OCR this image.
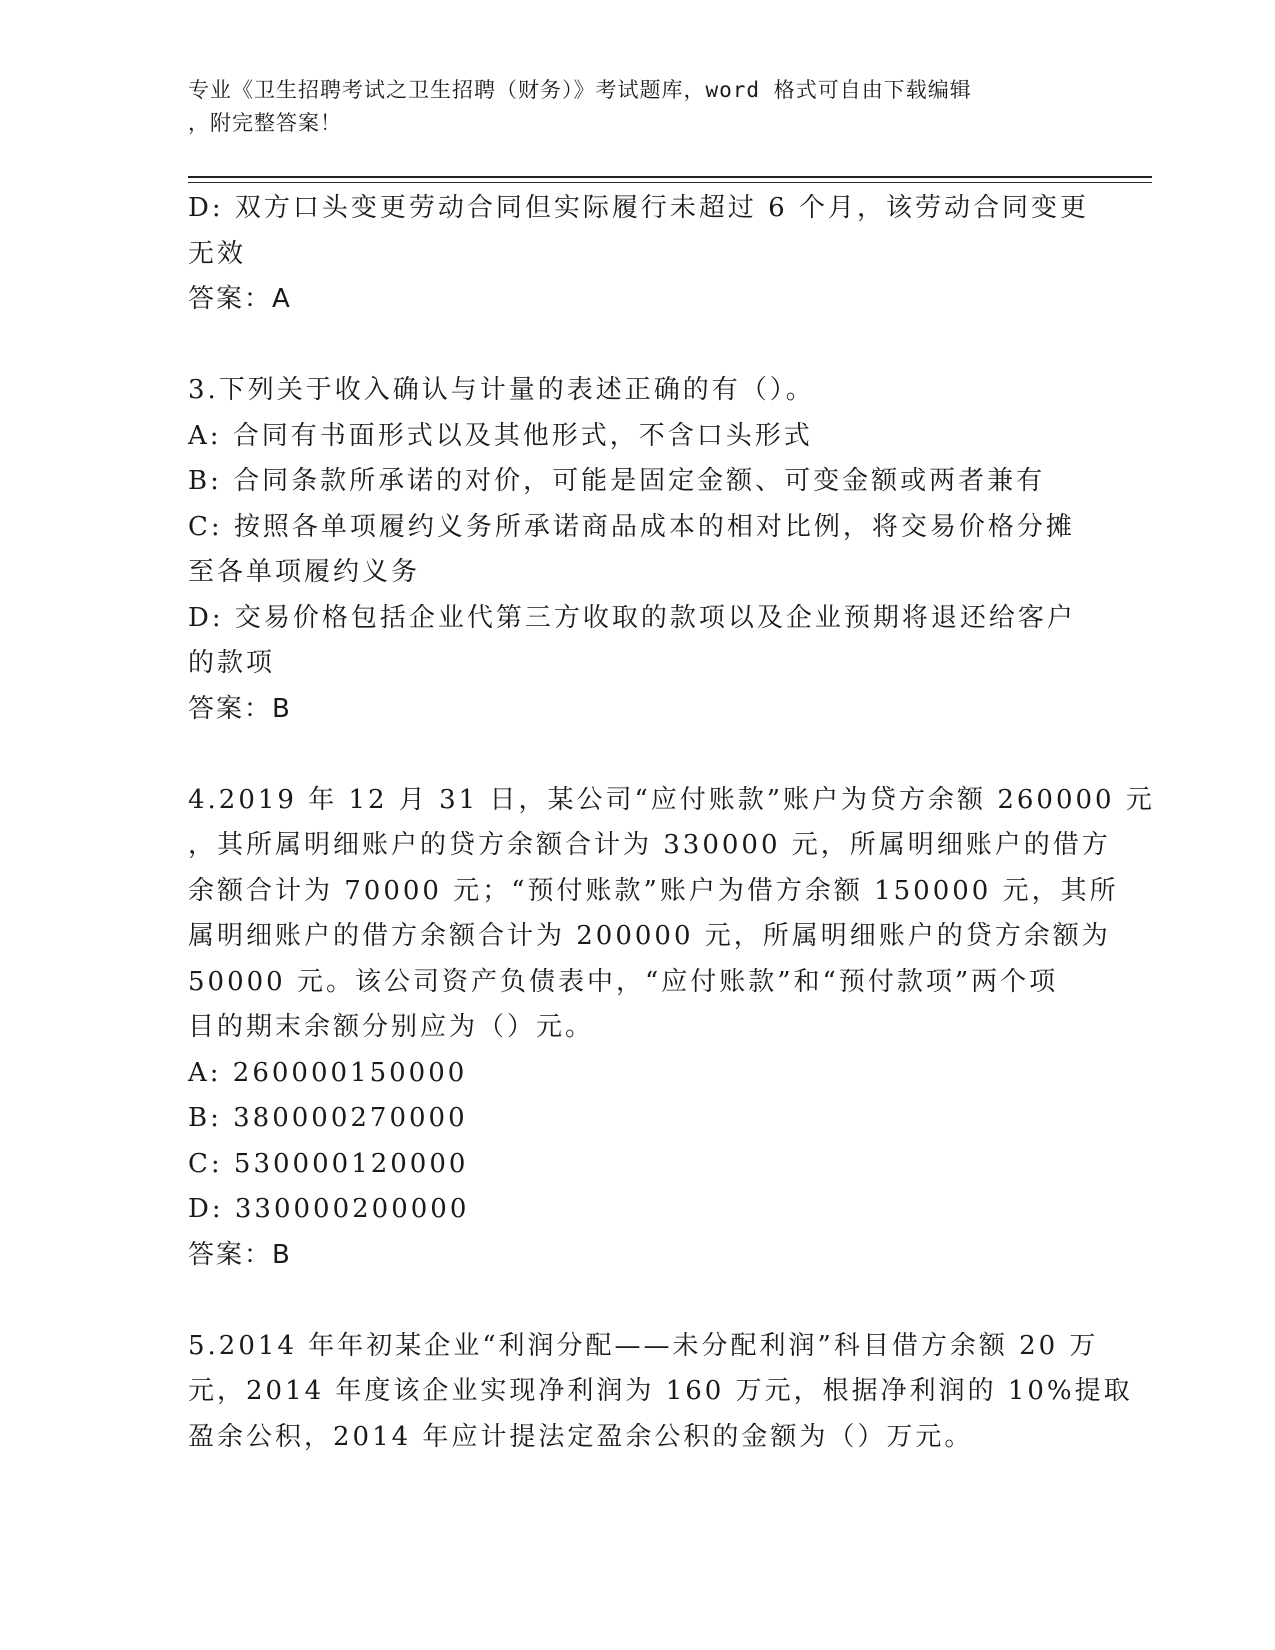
专业《卫生招聘考试之卫生招聘（财务）》考试题库，word 格式可自由下载编辑
，附完整答案！
D: 双方口头变更劳动合同但实际履行未超过 6 个月，该劳动合同变更
无效
答案：A
3.下列关于收入确认与计量的表述正确的有（）。
A: 合同有书面形式以及其他形式，不含口头形式
B: 合同条款所承诺的对价，可能是固定金额、可变金额或两者兼有
C: 按照各单项履约义务所承诺商品成本的相对比例，将交易价格分摊
至各单项履约义务
D: 交易价格包括企业代第三方收取的款项以及企业预期将退还给客户
的款项
答案：B
4.2019 年 12 月 31 日，某公司“应付账款”账户为贷方余额 260000 元
，其所属明细账户的贷方余额合计为 330000 元，所属明细账户的借方
余额合计为 70000 元；“预付账款”账户为借方余额 150000 元，其所
属明细账户的借方余额合计为 200000 元，所属明细账户的贷方余额为
50000 元。该公司资产负债表中，“应付账款”和“预付款项”两个项
目的期末余额分别应为（）元。
A: 260000150000
B: 380000270000
C: 530000120000
D: 330000200000
答案：B
5.2014 年年初某企业“利润分配——未分配利润”科目借方余额 20 万
元，2014 年度该企业实现净利润为 160 万元，根据净利润的 10%提取
盈余公积，2014 年应计提法定盈余公积的金额为（）万元。
